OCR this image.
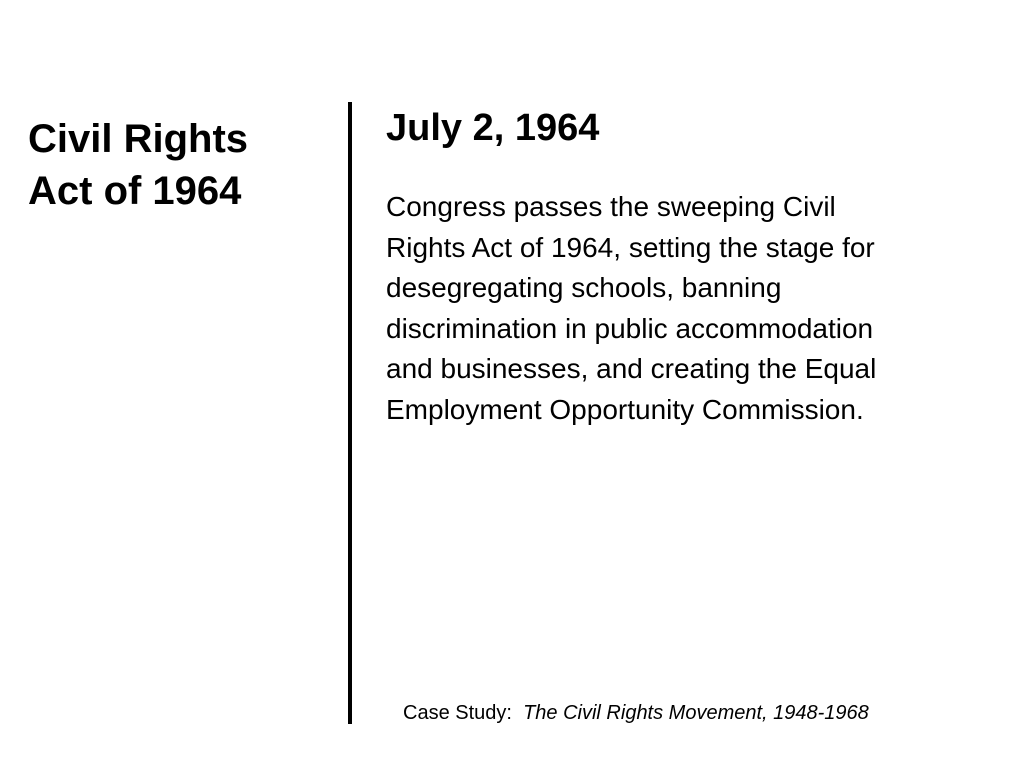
Civil Rights
Act of 1964
July 2, 1964

Congress passes the sweeping Civil
Rights Act of 1964, setting the stage for
desegregating schools, banning
discrimination in public accommodation
and businesses, and creating the Equal
Employment Opportunity Commission.

Case Study: The Civil Rights Movement, 1948-1968
